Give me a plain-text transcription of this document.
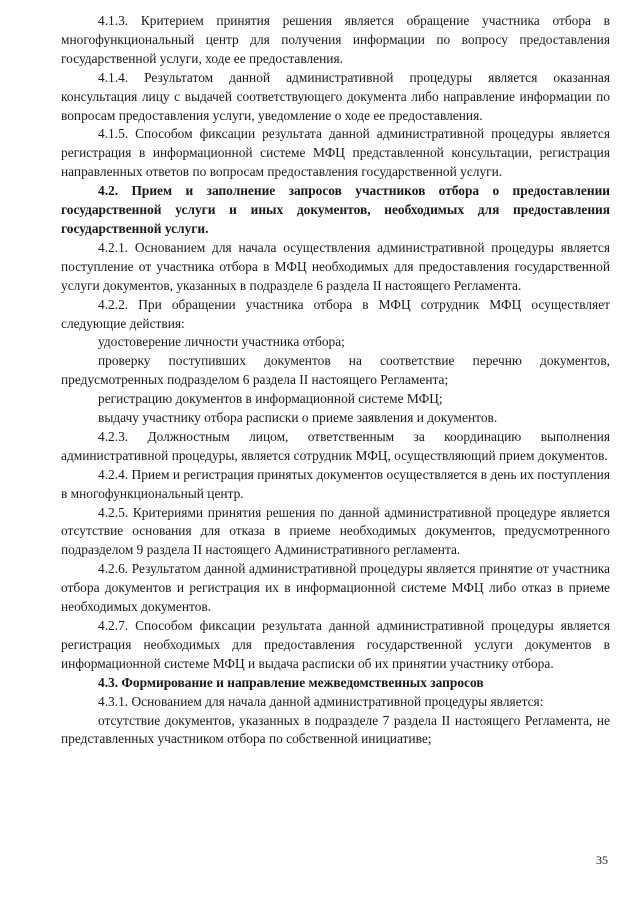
4.1.3. Критерием принятия решения является обращение участника отбора в многофункциональный центр для получения информации по вопросу предоставления государственной услуги, ходе ее предоставления.

4.1.4. Результатом данной административной процедуры является оказанная консультация лицу с выдачей соответствующего документа либо направление информации по вопросам предоставления услуги, уведомление о ходе ее предоставления.

4.1.5. Способом фиксации результата данной административной процедуры является регистрация в информационной системе МФЦ представленной консультации, регистрация направленных ответов по вопросам предоставления государственной услуги.

4.2. Прием и заполнение запросов участников отбора о предоставлении государственной услуги и иных документов, необходимых для предоставления государственной услуги.

4.2.1. Основанием для начала осуществления административной процедуры является поступление от участника отбора в МФЦ необходимых для предоставления государственной услуги документов, указанных в подразделе 6 раздела II настоящего Регламента.

4.2.2. При обращении участника отбора в МФЦ сотрудник МФЦ осуществляет следующие действия:

удостоверение личности участника отбора;

проверку поступивших документов на соответствие перечню документов, предусмотренных подразделом 6 раздела II настоящего Регламента;

регистрацию документов в информационной системе МФЦ;

выдачу участнику отбора расписки о приеме заявления и документов.

4.2.3. Должностным лицом, ответственным за координацию выполнения административной процедуры, является сотрудник МФЦ, осуществляющий прием документов.

4.2.4. Прием и регистрация принятых документов осуществляется в день их поступления в многофункциональный центр.

4.2.5. Критериями принятия решения по данной административной процедуре является отсутствие основания для отказа в приеме необходимых документов, предусмотренного подразделом 9 раздела II настоящего Административного регламента.

4.2.6. Результатом данной административной процедуры является принятие от участника отбора документов и регистрация их в информационной системе МФЦ либо отказ в приеме необходимых документов.

4.2.7. Способом фиксации результата данной административной процедуры является регистрация необходимых для предоставления государственной услуги документов в информационной системе МФЦ и выдача расписки об их принятии участнику отбора.

4.3. Формирование и направление межведомственных запросов

4.3.1. Основанием для начала данной административной процедуры является:

отсутствие документов, указанных в подразделе 7 раздела II настоящего Регламента, не представленных участником отбора по собственной инициативе;

35
